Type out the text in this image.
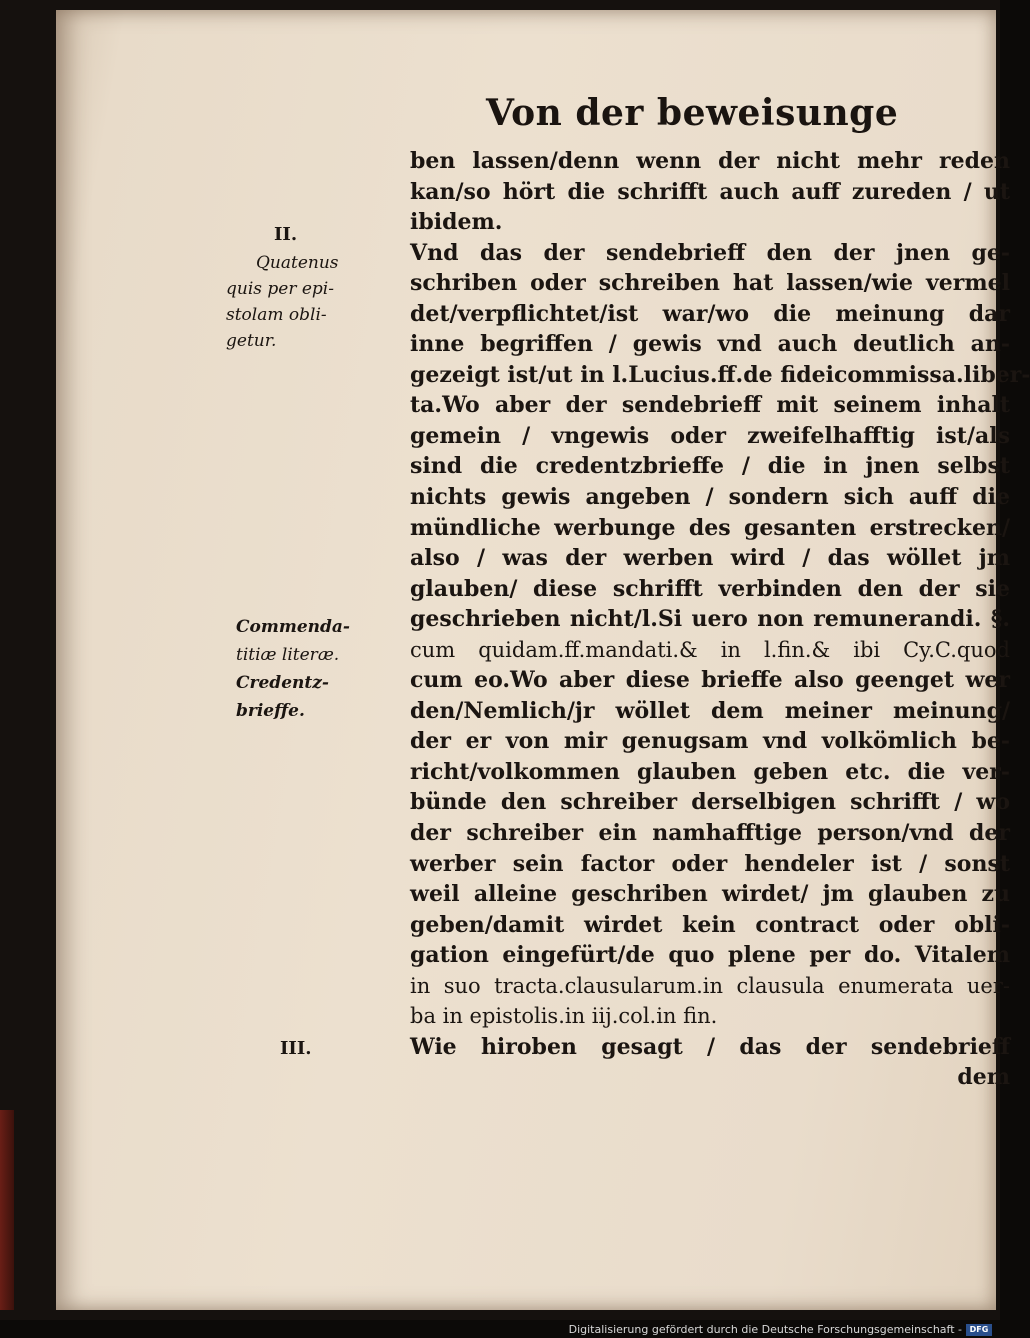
Von der beweisunge
ben lassen/denn wenn der nicht mehr reden
kan/so hört die schrifft auch auff zureden / ut
ibidem.
Vnd das der sendebrieff den der jnen ge-
schriben oder schreiben hat lassen/wie vermel
det/verpflichtet/ist war/wo die meinung dar
inne begriffen / gewis vnd auch deutlich an-
gezeigt ist/ut in l.Lucius.ff.de fideicommissa.liber-
ta.Wo aber der sendebrieff mit seinem inhalt
gemein / vngewis oder zweifelhafftig ist/als
sind die credentzbrieffe / die in jnen selbst
nichts gewis angeben / sondern sich auff die
mündliche werbunge des gesanten erstrecken/
also / was der werben wird / das wöllet jm
glauben/ diese schrifft verbinden den der sie
geschrieben nicht/l.Si uero non remunerandi. §.
cum quidam.ff.mandati.& in l.fin.& ibi Cy.C.quod
cum eo.Wo aber diese brieffe also geenget wer
den/Nemlich/jr wöllet dem meiner meinung/
der er von mir genugsam vnd volkömlich be-
richt/volkommen glauben geben etc. die ver-
bünde den schreiber derselbigen schrifft / wo
der schreiber ein namhafftige person/vnd der
werber sein factor oder hendeler ist / sonst
weil alleine geschriben wirdet/ jm glauben zu
geben/damit wirdet kein contract oder obli-
gation eingefürt/de quo plene per do. Vitalem
in suo tracta.clausularum.in clausula enumerata uer-
ba in epistolis.in iij.col.in fin.
Wie hiroben gesagt / das der sendebrieff
dem
II.
Quatenus
quis per epi-
stolam obli-
getur.
Commenda-
titiæ literæ.
Credentz-
brieffe.
III.
Digitalisierung gefördert durch die Deutsche Forschungsgemeinschaft - DFG
